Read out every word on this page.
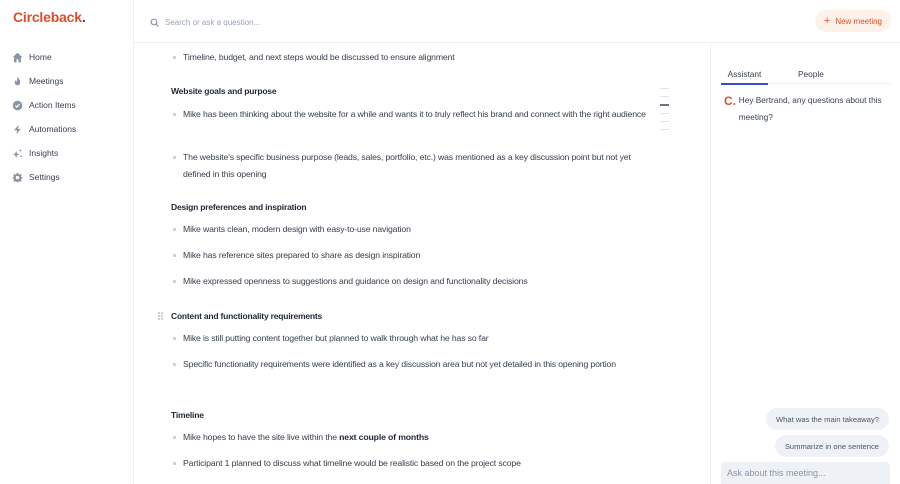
Circleback.
Home
Meetings
Action Items
Automations
Insights
Settings
Search or ask a question...
+ New meeting
Timeline, budget, and next steps would be discussed to ensure alignment
Website goals and purpose
Mike has been thinking about the website for a while and wants it to truly reflect his brand and connect with the right audience
The website's specific business purpose (leads, sales, portfolio, etc.) was mentioned as a key discussion point but not yet defined in this opening
Design preferences and inspiration
Mike wants clean, modern design with easy-to-use navigation
Mike has reference sites prepared to share as design inspiration
Mike expressed openness to suggestions and guidance on design and functionality decisions
Content and functionality requirements
Mike is still putting content together but planned to walk through what he has so far
Specific functionality requirements were identified as a key discussion area but not yet detailed in this opening portion
Timeline
Mike hopes to have the site live within the next couple of months
Participant 1 planned to discuss what timeline would be realistic based on the project scope
Assistant	People
C. Hey Bertrand, any questions about this meeting?
What was the main takeaway?
Summarize in one sentence
Ask about this meeting...
